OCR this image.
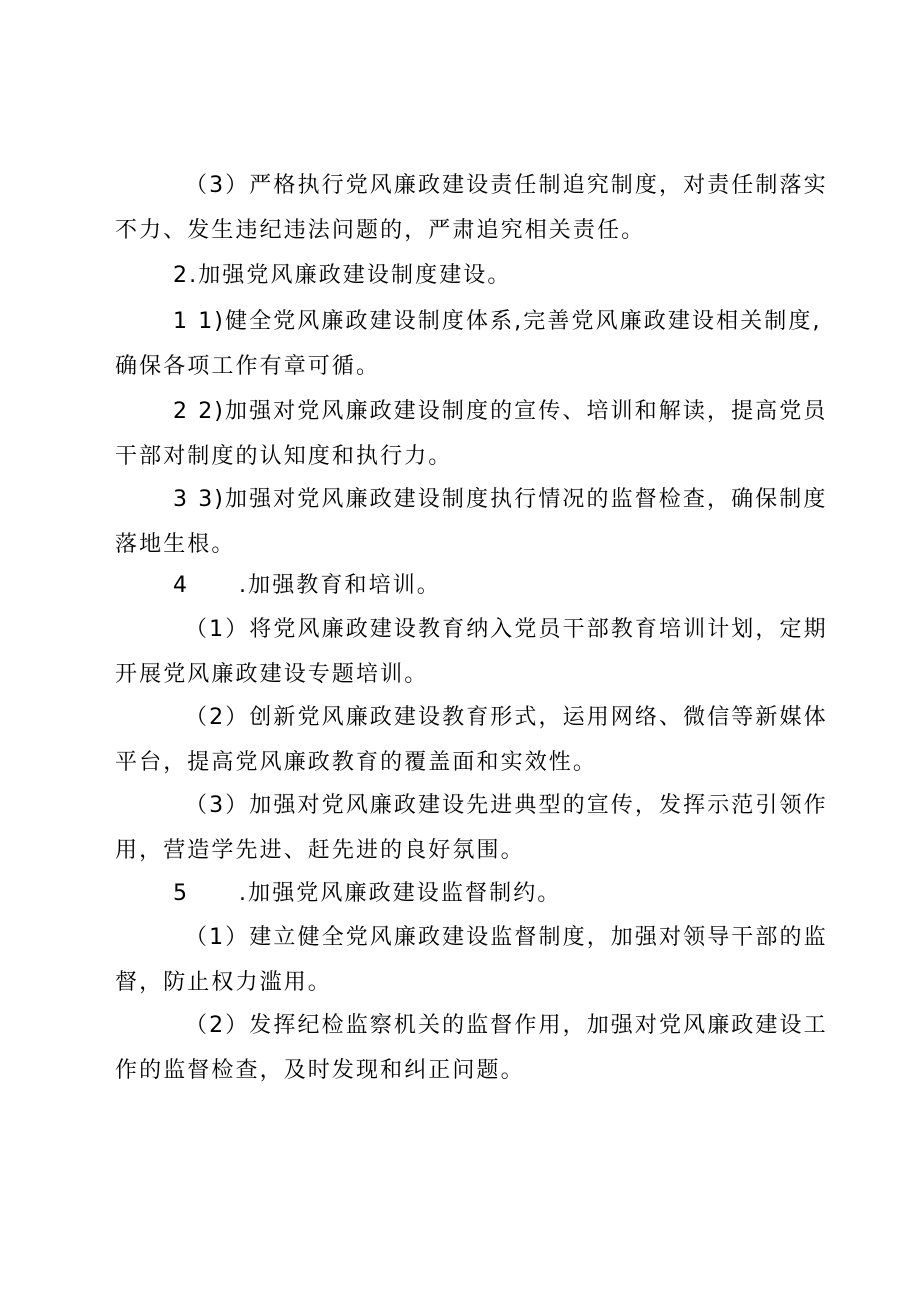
（3）严格执行党风廉政建设责任制追究制度，对责任制落实
不力、发生违纪违法问题的，严肃追究相关责任。

2.加强党风廉政建设制度建设。

1 1)健全党风廉政建设制度体系,完善党风廉政建设相关制度,
确保各项工作有章可循。

2 2)加强对党风廉政建设制度的宣传、培训和解读，提高党员
干部对制度的认知度和执行力。

3 3)加强对党风廉政建设制度执行情况的监督检查，确保制度
落地生根。

4 .加强教育和培训。

（1）将党风廉政建设教育纳入党员干部教育培训计划，定期
开展党风廉政建设专题培训。

（2）创新党风廉政建设教育形式，运用网络、微信等新媒体
平台，提高党风廉政教育的覆盖面和实效性。

（3）加强对党风廉政建设先进典型的宣传，发挥示范引领作
用，营造学先进、赶先进的良好氛围。

5 .加强党风廉政建设监督制约。

（1）建立健全党风廉政建设监督制度，加强对领导干部的监
督，防止权力滥用。

（2）发挥纪检监察机关的监督作用，加强对党风廉政建设工
作的监督检查，及时发现和纠正问题。
